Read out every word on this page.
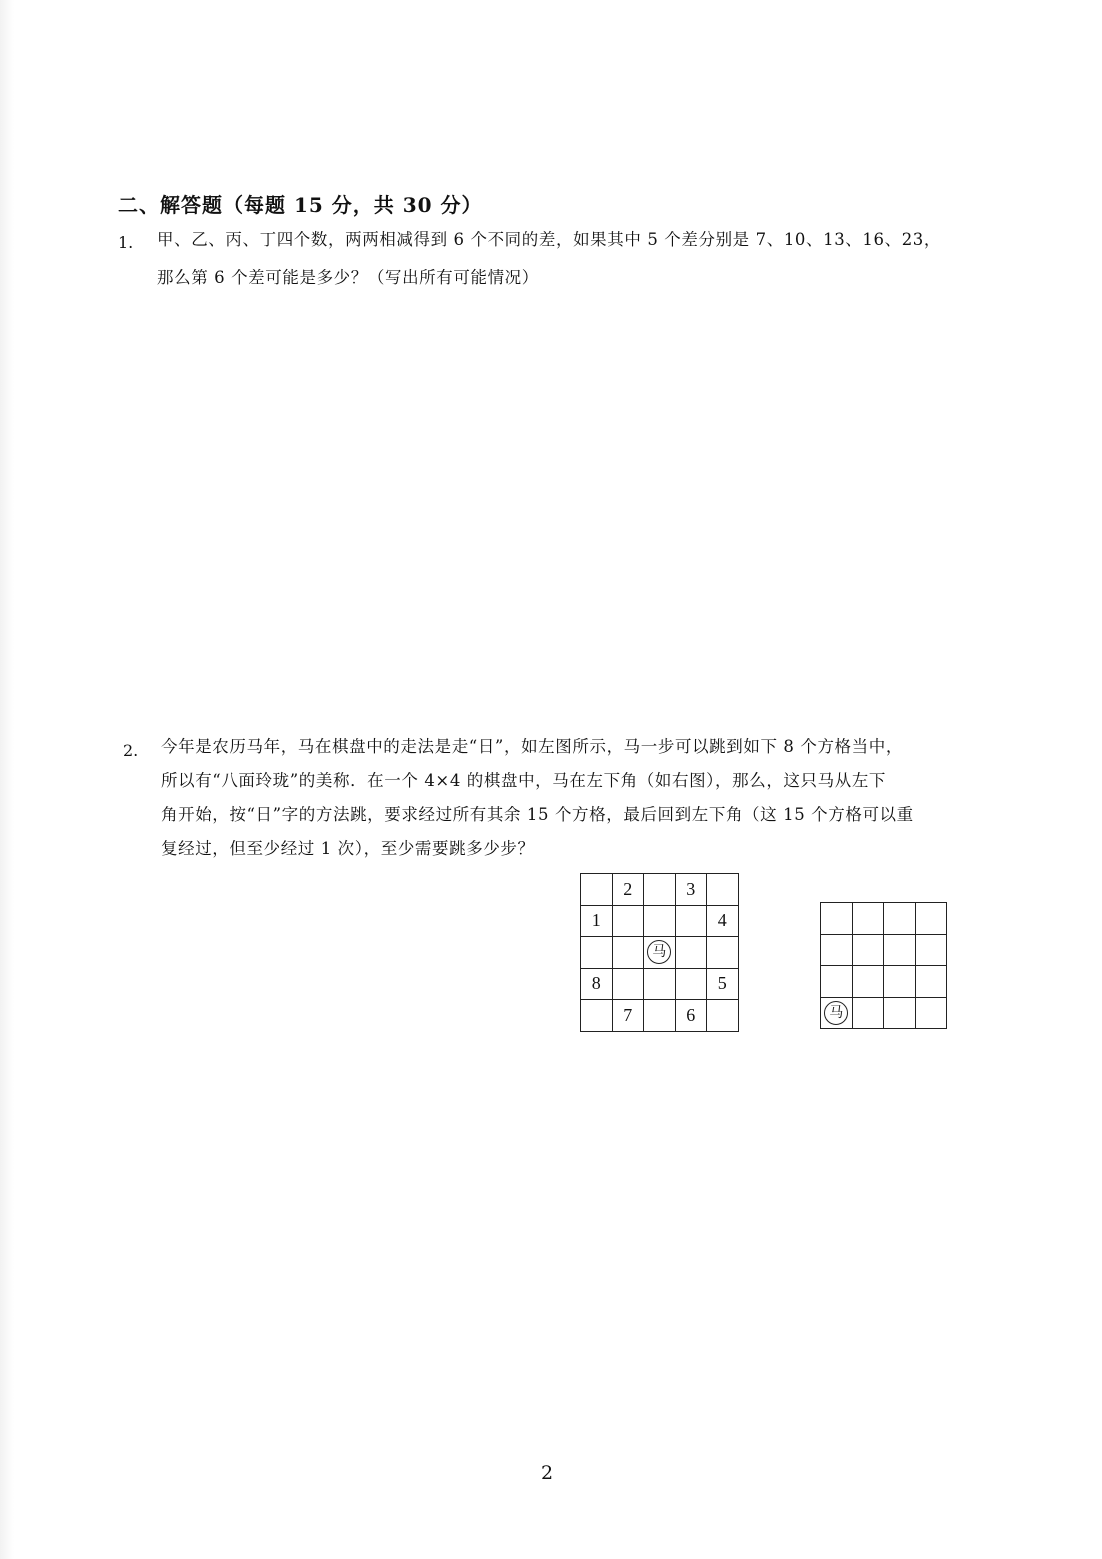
二、解答题（每题 15 分，共 30 分）
1. 甲、乙、丙、丁四个数，两两相减得到 6 个不同的差，如果其中 5 个差分别是 7、10、13、16、23，
那么第 6 个差可能是多少？（写出所有可能情况）
2. 今年是农历马年，马在棋盘中的走法是走“日”，如左图所示，马一步可以跳到如下 8 个方格当中，
所以有“八面玲珑”的美称．在一个 4×4 的棋盘中，马在左下角（如右图），那么，这只马从左下
角开始，按“日”字的方法跳，要求经过所有其余 15 个方格，最后回到左下角（这 15 个方格可以重
复经过，但至少经过 1 次），至少需要跳多少步？
	2		3	
1				4
		马		
8				5
	7		6	

				马			
2
